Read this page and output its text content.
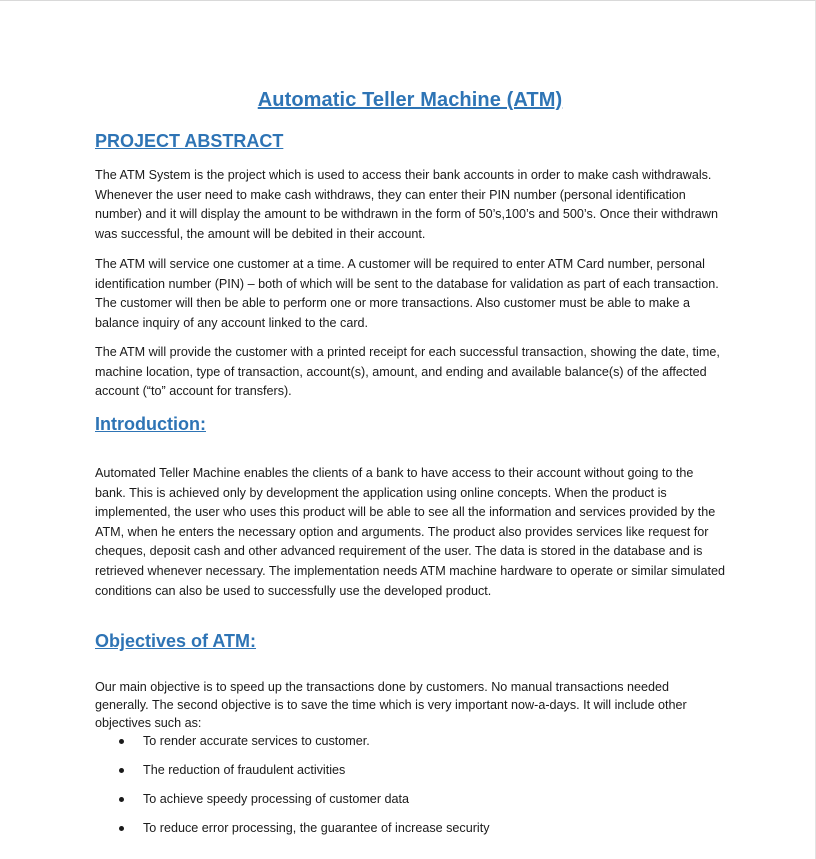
Automatic Teller Machine (ATM)
PROJECT ABSTRACT

The ATM System is the project which is used to access their bank accounts in order to make cash withdrawals. Whenever the user need to make cash withdraws, they can enter their PIN number (personal identification number) and it will display the amount to be withdrawn in the form of 50’s,100’s and 500’s. Once their withdrawn was successful, the amount will be debited in their account.

The ATM will service one customer at a time. A customer will be required to enter ATM Card number, personal identification number (PIN) – both of which will be sent to the database for validation as part of each transaction. The customer will then be able to perform one or more transactions. Also customer must be able to make a balance inquiry of any account linked to the card.

The ATM will provide the customer with a printed receipt for each successful transaction, showing the date, time, machine location, type of transaction, account(s), amount, and ending and available balance(s) of the affected account (“to” account for transfers).

Introduction:

Automated Teller Machine enables the clients of a bank to have access to their account without going to the bank. This is achieved only by development the application using online concepts. When the product is implemented, the user who uses this product will be able to see all the information and services provided by the ATM, when he enters the necessary option and arguments. The product also provides services like request for cheques, deposit cash and other advanced requirement of the user. The data is stored in the database and is retrieved whenever necessary. The implementation needs ATM machine hardware to operate or similar simulated conditions can also be used to successfully use the developed product.

Objectives of ATM:

Our main objective is to speed up the transactions done by customers. No manual transactions needed generally. The second objective is to save the time which is very important now-a-days. It will include other objectives such as:

To render accurate services to customer.
The reduction of fraudulent activities
To achieve speedy processing of customer data
To reduce error processing, the guarantee of increase security
